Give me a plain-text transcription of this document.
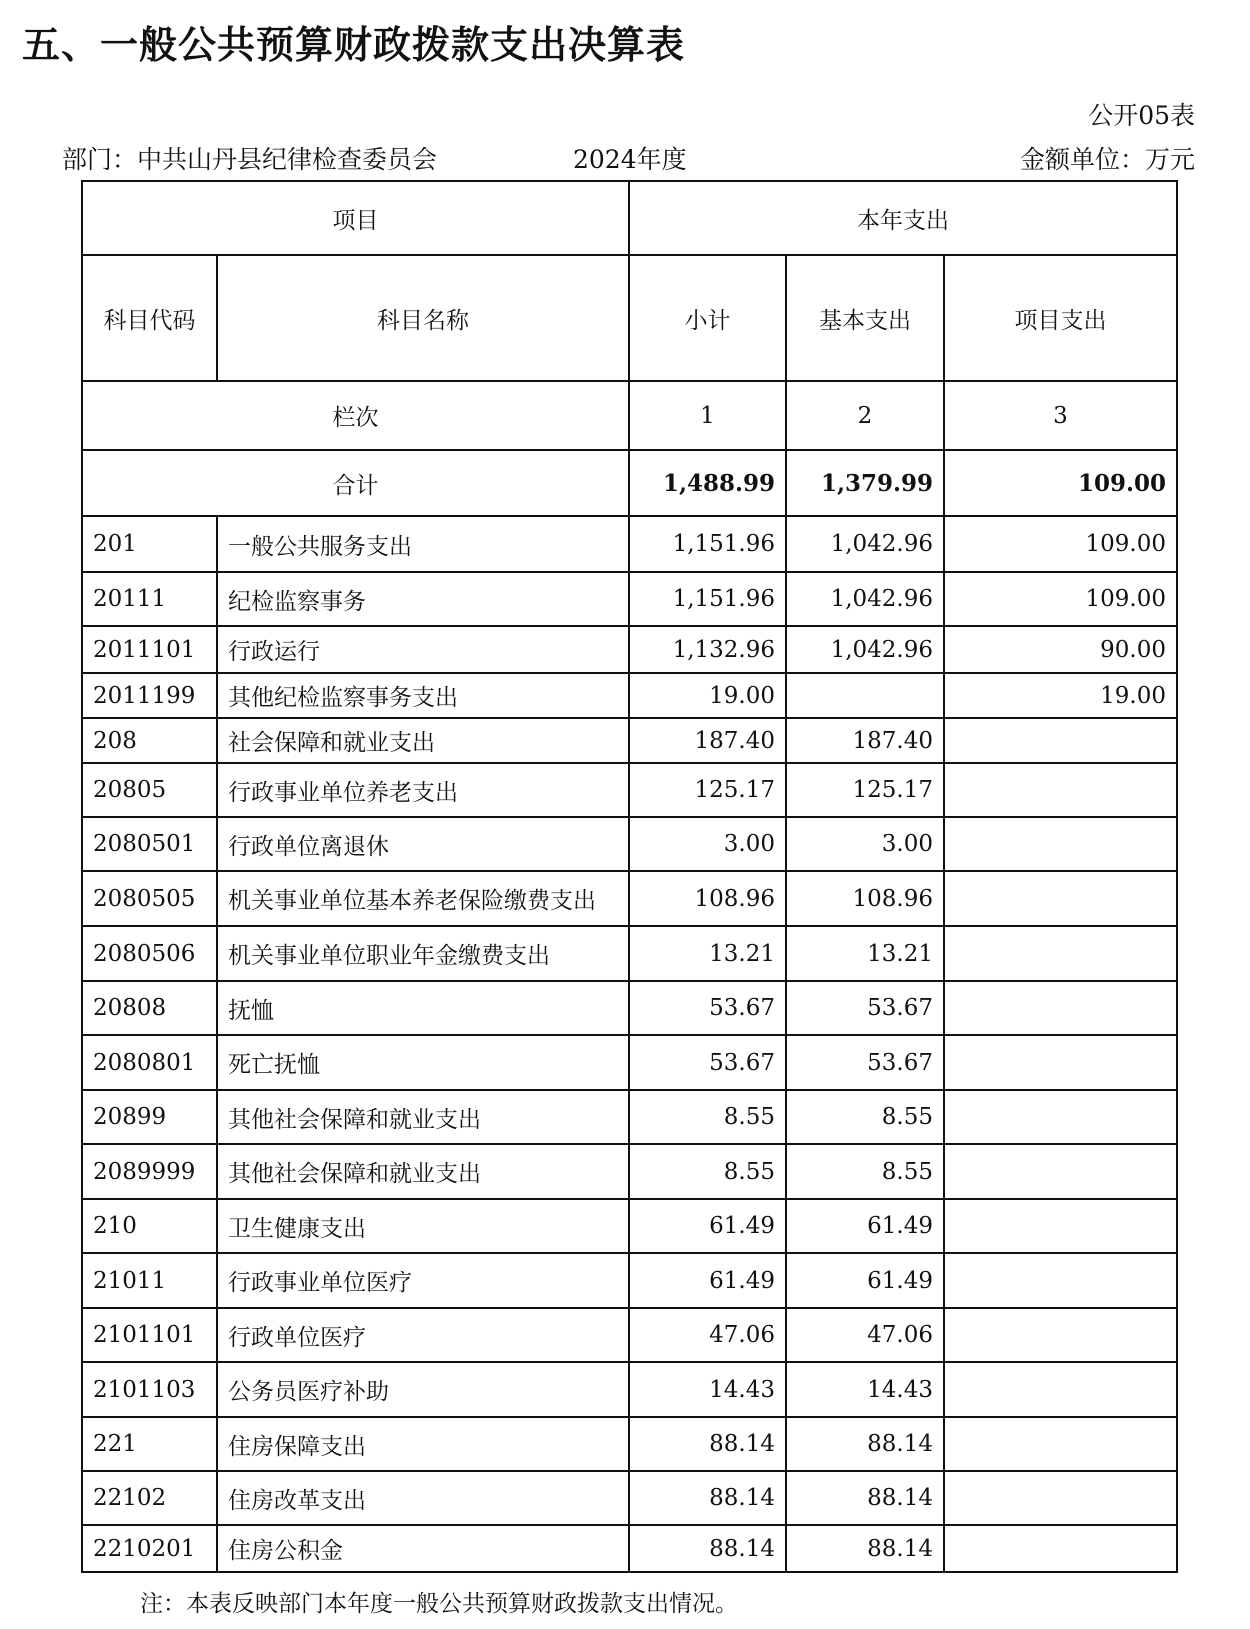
五、一般公共预算财政拨款支出决算表
公开05表
部门：中共山丹县纪律检查委员会	2024年度	金额单位：万元
项目		本年支出		
科目代码	科目名称	小计	基本支出	项目支出
栏次		1	2	3
合计		1,488.99	1,379.99	109.00
201	一般公共服务支出	1,151.96	1,042.96	109.00
20111	纪检监察事务	1,151.96	1,042.96	109.00
2011101	行政运行	1,132.96	1,042.96	90.00
2011199	其他纪检监察事务支出	19.00		19.00
208	社会保障和就业支出	187.40	187.40	
20805	行政事业单位养老支出	125.17	125.17	
2080501	行政单位离退休	3.00	3.00	
2080505	机关事业单位基本养老保险缴费支出	108.96	108.96	
2080506	机关事业单位职业年金缴费支出	13.21	13.21	
20808	抚恤	53.67	53.67	
2080801	死亡抚恤	53.67	53.67	
20899	其他社会保障和就业支出	8.55	8.55	
2089999	其他社会保障和就业支出	8.55	8.55	
210	卫生健康支出	61.49	61.49	
21011	行政事业单位医疗	61.49	61.49	
2101101	行政单位医疗	47.06	47.06	
2101103	公务员医疗补助	14.43	14.43	
221	住房保障支出	88.14	88.14	
22102	住房改革支出	88.14	88.14	
2210201	住房公积金	88.14	88.14	
注：本表反映部门本年度一般公共预算财政拨款支出情况。
